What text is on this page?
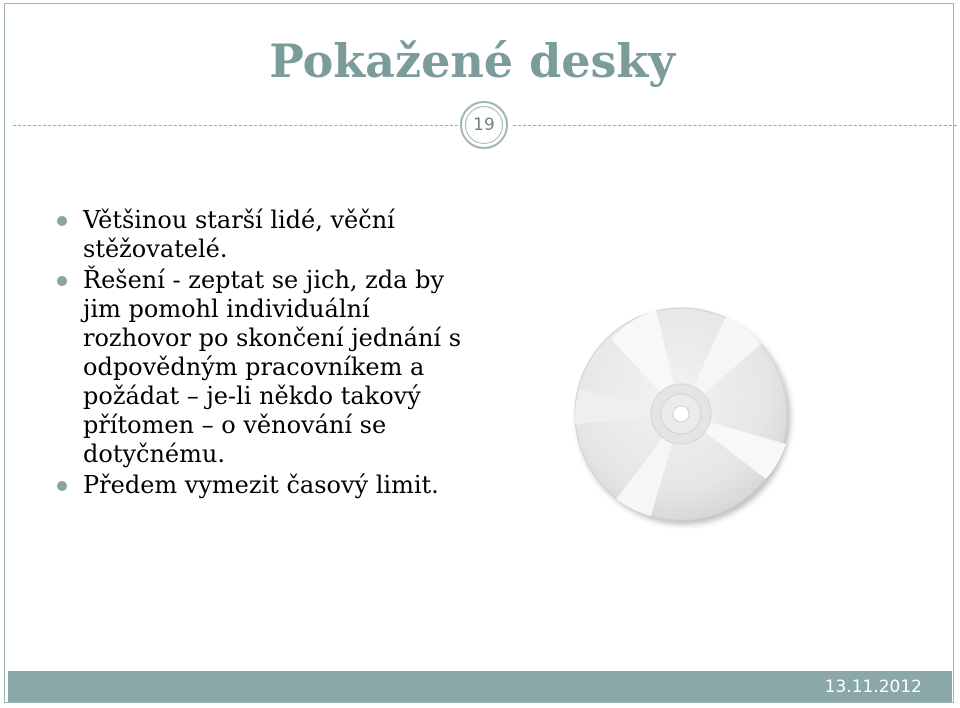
Pokažené desky
19
Většinou starší lidé, věční stěžovatelé.
Řešení - zeptat se jich, zda by jim pomohl individuální rozhovor po skončení jednání s odpovědným pracovníkem a požádat – je-li někdo takový přítomen – o věnování se dotyčnému.
Předem vymezit časový limit.
13.11.2012
